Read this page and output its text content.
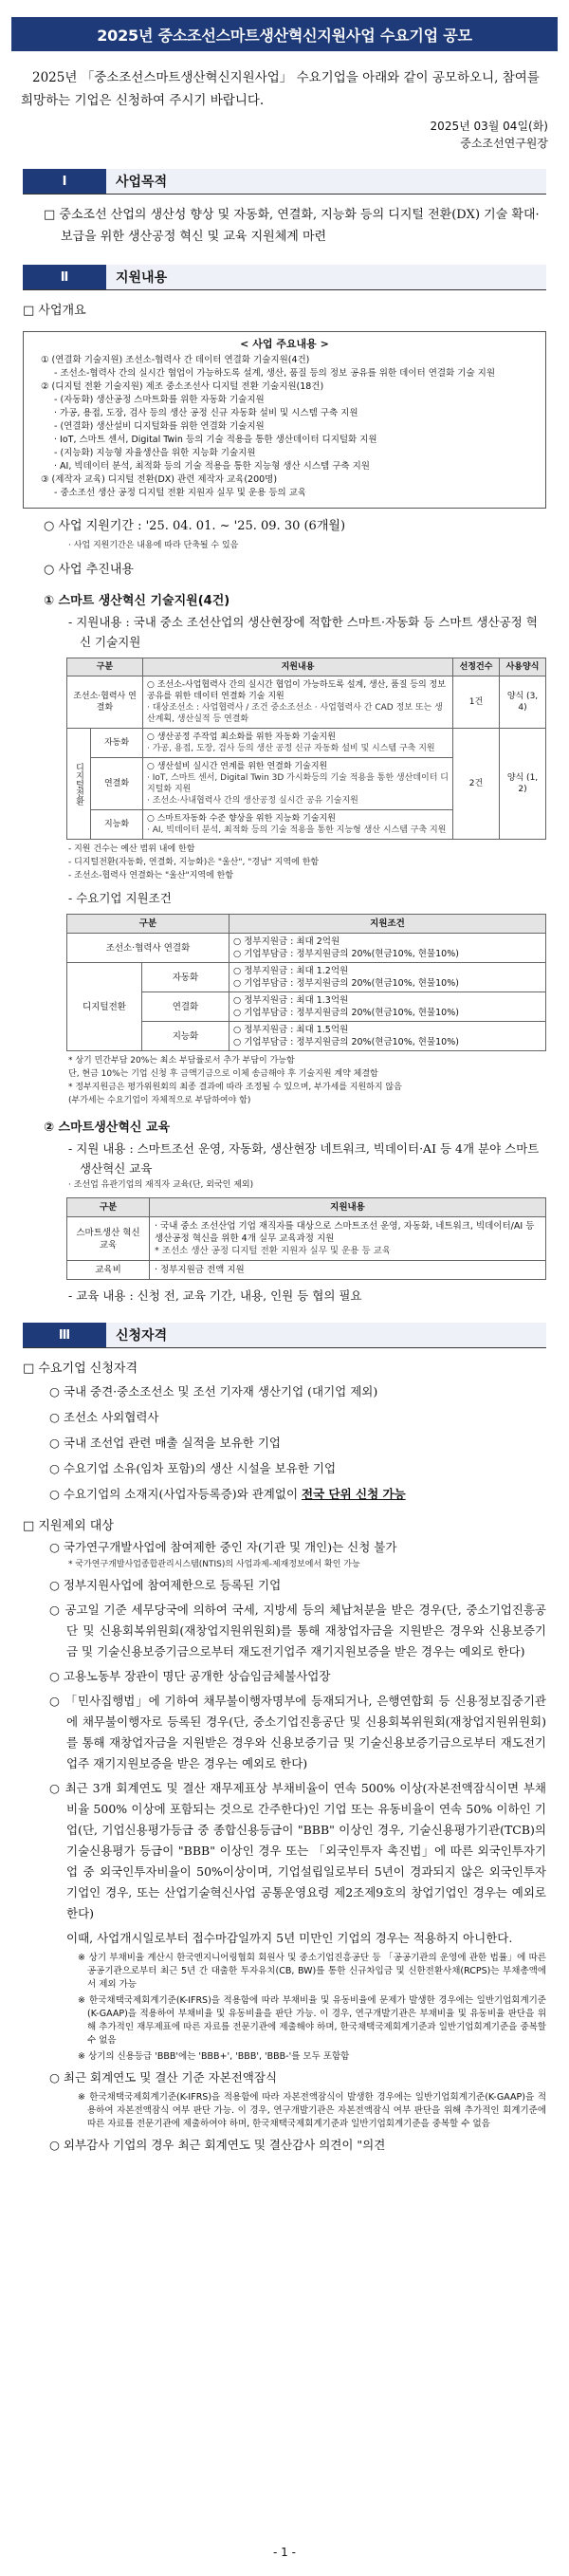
2025년 중소조선스마트생산혁신지원사업 수요기업 공모
2025년 「중소조선스마트생산혁신지원사업」 수요기업을 아래와 같이 공모하오니, 참여를 희망하는 기업은 신청하여 주시기 바랍니다.
2025년 03월 04일(화)
중소조선연구원장
Ⅰ	사업목적
□ 중소조선 산업의 생산성 향상 및 자동화, 연결화, 지능화 등의 디지털 전환(DX) 기술 확대·보급을 위한 생산공정 혁신 및 교육 지원체계 마련
Ⅱ	지원내용
□ 사업개요
< 사업 주요내용 >
① (연결화 기술지원) 조선소-협력사 간 데이터 연결화 기술지원(4건)
- 조선소-협력사 간의 실시간 협업이 가능하도록 설계, 생산, 품질 등의 정보 공유를 위한 데이터 연결화 기술 지원
② (디지털 전환 기술지원) 제조 중소조선사 디지털 전환 기술지원(18건)
- (자동화) 생산공정 스마트화를 위한 자동화 기술지원
· 가공, 용접, 도장, 검사 등의 생산 공정 신규 자동화 설비 및 시스템 구축 지원
- (연결화) 생산설비 디지털화를 위한 연결화 기술지원
· IoT, 스마트 센서, Digital Twin 등의 기술 적용을 통한 생산데이터 디지털화 지원
- (지능화) 지능형 자율생산을 위한 지능화 기술지원
· AI, 빅데이터 분석, 최적화 등의 기술 적용을 통한 지능형 생산 시스템 구축 지원
③ (제작자 교육) 디지털 전환(DX) 관련 제작자 교육(200명)
- 중소조선 생산 공정 디지털 전환 지원자 실무 및 운용 등의 교육
○ 사업 지원기간 : '25. 04. 01. ~ '25. 09. 30 (6개월)
· 사업 지원기간은 내용에 따라 단축될 수 있음
○ 사업 추진내용
① 스마트 생산혁신 기술지원(4건)
- 지원내용 : 국내 중소 조선산업의 생산현장에 적합한 스마트·자동화 등 스마트 생산공정 혁신 기술지원
구분		지원내용	선정건수	사용양식
조선소·협력사 연결화		○ 조선소-사업협력사 간의 실시간 협업이 가능하도록 설계, 생산, 품질 등의 정보 공유를 위한 데이터 연결화 기술 지원
· 대상조선소 : 사업협력사 / 조건 중소조선소 · 사업협력사 간 CAD 정보 또는 생산계획, 생산실적 등 연결화	1건	양식 (3, 4)
디지털전환	자동화	○ 생산공정 주작업 최소화를 위한 자동화 기술지원
· 가공, 용접, 도장, 검사 등의 생산 공정 신규 자동화 설비 및 시스템 구축 지원	2건	양식 (1, 2)
	연결화	○ 생산설비 실시간 연계를 위한 연결화 기술지원
· IoT, 스마트 센서, Digital Twin 3D 가시화등의 기술 적용을 통한 생산데이터 디지털화 지원
· 조선소·사내협력사 간의 생산공정 실시간 공유 기술지원		

	지능화	○ 스마트자동화 수준 향상을 위한 지능화 기술지원
· AI, 빅데이터 분석, 최적화 등의 기술 적용을 통한 지능형 생산 시스템 구축 지원		
- 지원 건수는 예산 범위 내에 한함
- 디지털전환(자동화, 연결화, 지능화)은 "울산", "경남" 지역에 한함
- 조선소-협력사 연결화는 "울산"지역에 한함
- 수요기업 지원조건
구분		지원조건
조선소·협력사 연결화		○ 정부지원금 : 최대 2억원
○ 기업부담금 : 정부지원금의 20%(현금10%, 현물10%)

디지털전환	자동화	○ 정부지원금 : 최대 1.2억원
○ 기업부담금 : 정부지원금의 20%(현금10%, 현물10%)

	연결화	○ 정부지원금 : 최대 1.3억원
○ 기업부담금 : 정부지원금의 20%(현금10%, 현물10%)

	지능화	○ 정부지원금 : 최대 1.5억원
○ 기업부담금 : 정부지원금의 20%(현금10%, 현물10%)
* 상기 민간부담 20%는 최소 부담률로서 추가 부담이 가능함
단, 현금 10%는 기업 신청 후 금액기금으로 이체 송금해야 후 기술지원 계약 체결함
* 정부지원금은 평가위원회의 최종 결과에 따라 조정될 수 있으며, 부가세를 지원하지 않음
(부가세는 수요기업이 자체적으로 부담하여야 함)
② 스마트생산혁신 교육
- 지원 내용 : 스마트조선 운영, 자동화, 생산현장 네트워크, 빅데이터·AI 등 4개 분야 스마트 생산혁신 교육
· 조선업 유관기업의 재직자 교육(단, 외국인 제외)
구분	지원내용
스마트생산 혁신교육	· 국내 중소 조선산업 기업 재직자를 대상으로 스마트조선 운영, 자동화, 네트워크, 빅데이터/AI 등 생산공정 혁신을 위한 4개 실무 교육과정 지원
* 조선소 생산 공정 디지털 전환 지원자 실무 및 운용 등 교육

교육비	· 정부지원금 전액 지원
- 교육 내용 : 신청 전, 교육 기간, 내용, 인원 등 협의 필요
Ⅲ	신청자격
□ 수요기업 신청자격
○ 국내 중견·중소조선소 및 조선 기자재 생산기업 (대기업 제외)
○ 조선소 사외협력사
○ 국내 조선업 관련 매출 실적을 보유한 기업
○ 수요기업 소유(임차 포함)의 생산 시설을 보유한 기업
○ 수요기업의 소재지(사업자등록증)와 관계없이 전국 단위 신청 가능
□ 지원제외 대상
○ 국가연구개발사업에 참여제한 중인 자(기관 및 개인)는 신청 불가
* 국가연구개발사업종합관리시스템(NTIS)의 사업과제-제재정보에서 확인 가능
○ 정부지원사업에 참여제한으로 등록된 기업
○ 공고일 기준 세무당국에 의하여 국세, 지방세 등의 체납처분을 받은 경우(단, 중소기업진흥공단 및 신용회복위원회(재창업지원위원회)를 통해 재창업자금을 지원받은 경우와 신용보증기금 및 기술신용보증기금으로부터 재도전기업주 재기지원보증을 받은 경우는 예외로 한다)
○ 고용노동부 장관이 명단 공개한 상습임금체불사업장
○ 「민사집행법」에 기하여 채무불이행자명부에 등재되거나, 은행연합회 등 신용정보집중기관에 채무불이행자로 등록된 경우(단, 중소기업진흥공단 및 신용회복위원회(재창업지원위원회)를 통해 재창업자금을 지원받은 경우와 신용보증기금 및 기술신용보증기금으로부터 재도전기업주 재기지원보증을 받은 경우는 예외로 한다)
○ 최근 3개 회계연도 및 결산 재무제표상 부채비율이 연속 500% 이상(자본전액잠식이면 부채비율 500% 이상에 포함되는 것으로 간주한다)인 기업 또는 유동비율이 연속 50% 이하인 기업(단, 기업신용평가등급 중 종합신용등급이 "BBB" 이상인 경우, 기술신용평가기관(TCB)의 기술신용평가 등급이 "BBB" 이상인 경우 또는 「외국인투자 촉진법」에 따른 외국인투자기업 중 외국인투자비율이 50%이상이며, 기업설립일로부터 5년이 경과되지 않은 외국인투자기업인 경우, 또는 산업기술혁신사업 공통운영요령 제2조제9호의 창업기업인 경우는 예외로 한다)
이때, 사업개시일로부터 접수마감일까지 5년 미만인 기업의 경우는 적용하지 아니한다.
※ 상기 부채비율 계산시 한국엔지니어링협회 회원사 및 중소기업진흥공단 등 「공공기관의 운영에 관한 법률」에 따른 공공기관으로부터 최근 5년 간 대출한 투자유치(CB, BW)를 통한 신규차입금 및 신한전환사채(RCPS)는 부채총액에서 제외 가능
※ 한국채택국제회계기준(K-IFRS)을 적용함에 따라 부채비율 및 유동비율에 문제가 발생한 경우에는 일반기업회계기준(K-GAAP)을 적용하여 부채비율 및 유동비율을 판단 가능. 이 경우, 연구개발기관은 부채비율 및 유동비율 판단을 위해 추가적인 재무제표에 따른 자료를 전문기관에 제출해야 하며, 한국채택국제회계기준과 일반기업회계기준을 중복할 수 없음
※ 상기의 신용등급 'BBB'에는 'BBB+', 'BBB', 'BBB-'를 모두 포함함
○ 최근 회계연도 및 결산 기준 자본전액잠식
※ 한국채택국제회계기준(K-IFRS)을 적용함에 따라 자본전액잠식이 발생한 경우에는 일반기업회계기준(K-GAAP)을 적용하여 자본전액잠식 여부 판단 가능. 이 경우, 연구개발기관은 자본전액잠식 여부 판단을 위해 추가적인 회계기준에 따른 자료를 전문기관에 제출하여야 하며, 한국채택국제회계기준과 일반기업회계기준을 중복할 수 없음
○ 외부감사 기업의 경우 최근 회계연도 및 결산감사 의견이 "의견
- 1 -
